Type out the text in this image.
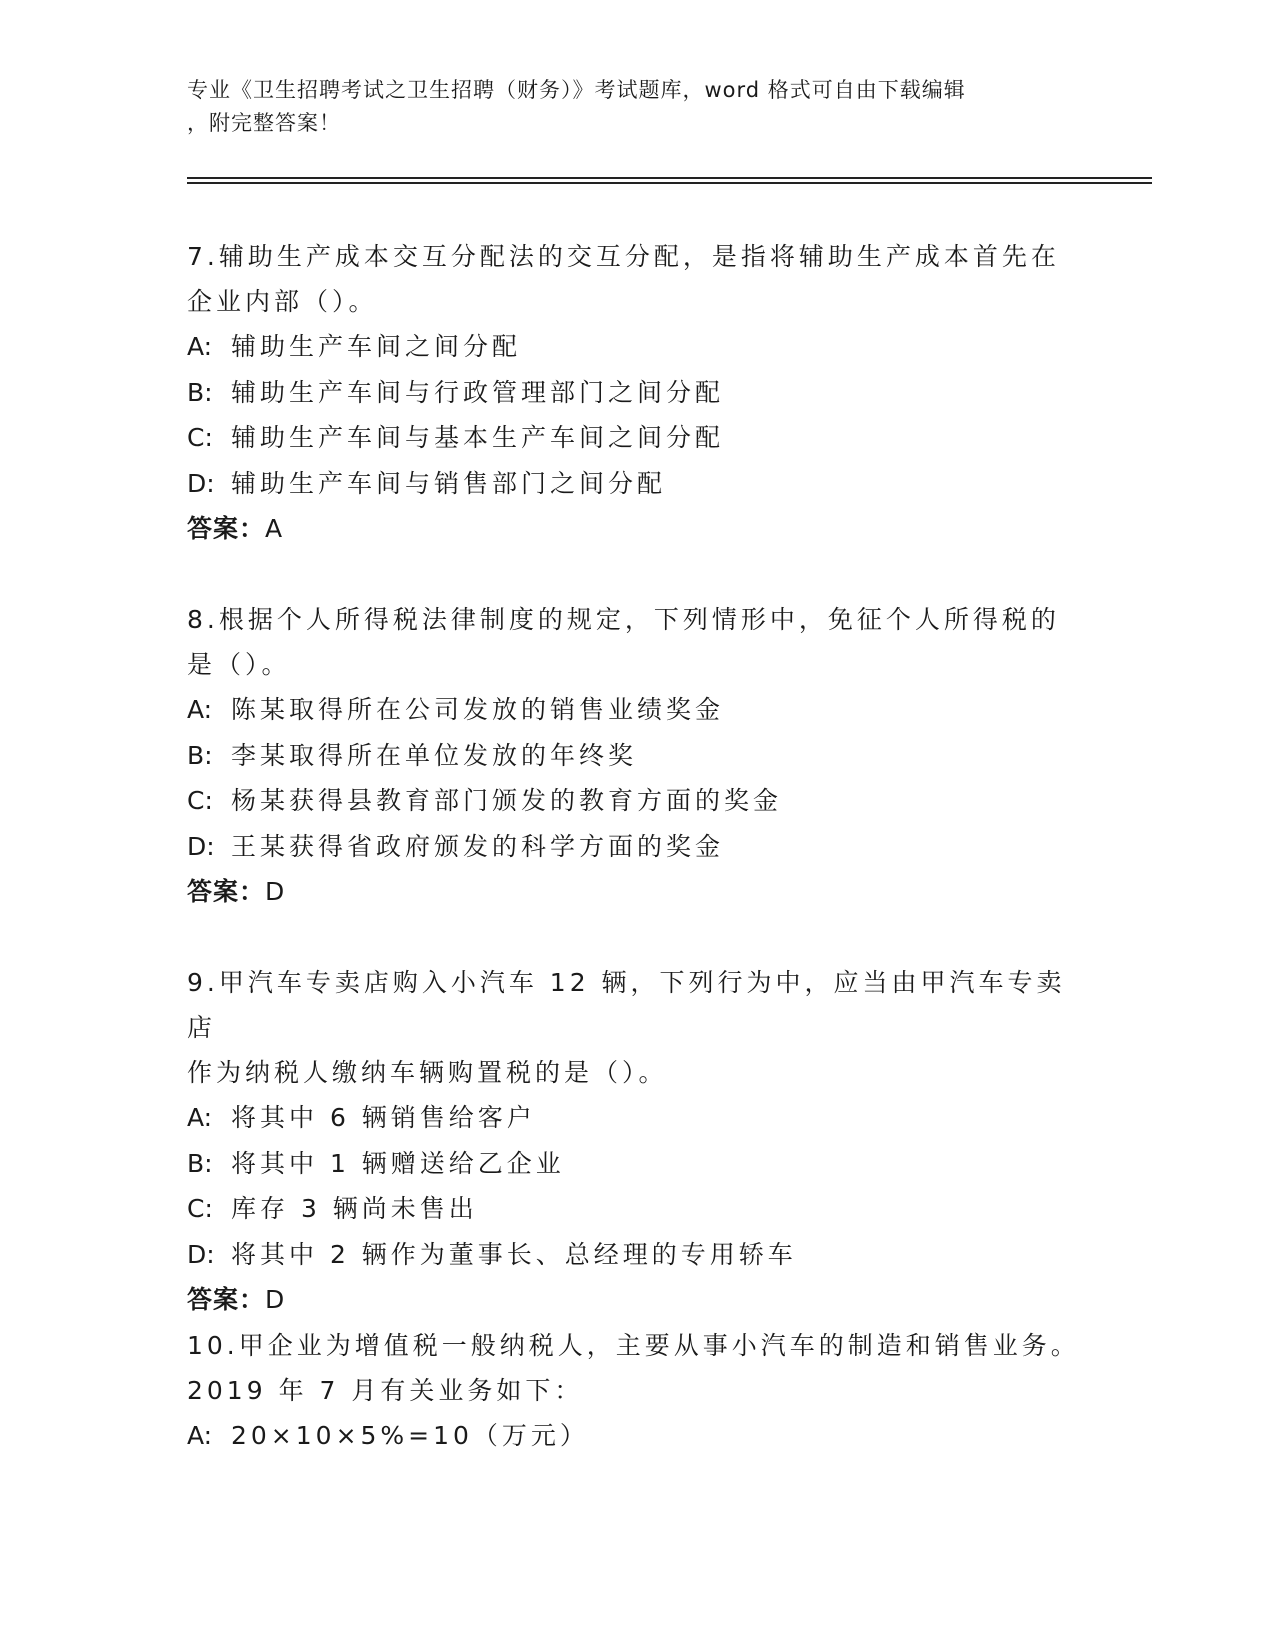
专业《卫生招聘考试之卫生招聘（财务）》考试题库，word 格式可自由下载编辑
，附完整答案！

7.辅助生产成本交互分配法的交互分配，是指将辅助生产成本首先在

企业内部（）。

A: 辅助生产车间之间分配

B: 辅助生产车间与行政管理部门之间分配

C: 辅助生产车间与基本生产车间之间分配

D: 辅助生产车间与销售部门之间分配

答案：A

8.根据个人所得税法律制度的规定，下列情形中，免征个人所得税的

是（）。

A: 陈某取得所在公司发放的销售业绩奖金

B: 李某取得所在单位发放的年终奖

C: 杨某获得县教育部门颁发的教育方面的奖金

D: 王某获得省政府颁发的科学方面的奖金

答案：D

9.甲汽车专卖店购入小汽车 12 辆，下列行为中，应当由甲汽车专卖店

作为纳税人缴纳车辆购置税的是（）。

A: 将其中 6 辆销售给客户

B: 将其中 1 辆赠送给乙企业

C: 库存 3 辆尚未售出

D: 将其中 2 辆作为董事长、总经理的专用轿车

答案：D

10.甲企业为增值税一般纳税人，主要从事小汽车的制造和销售业务。

2019 年 7 月有关业务如下：

A: 20×10×5%=10（万元）
